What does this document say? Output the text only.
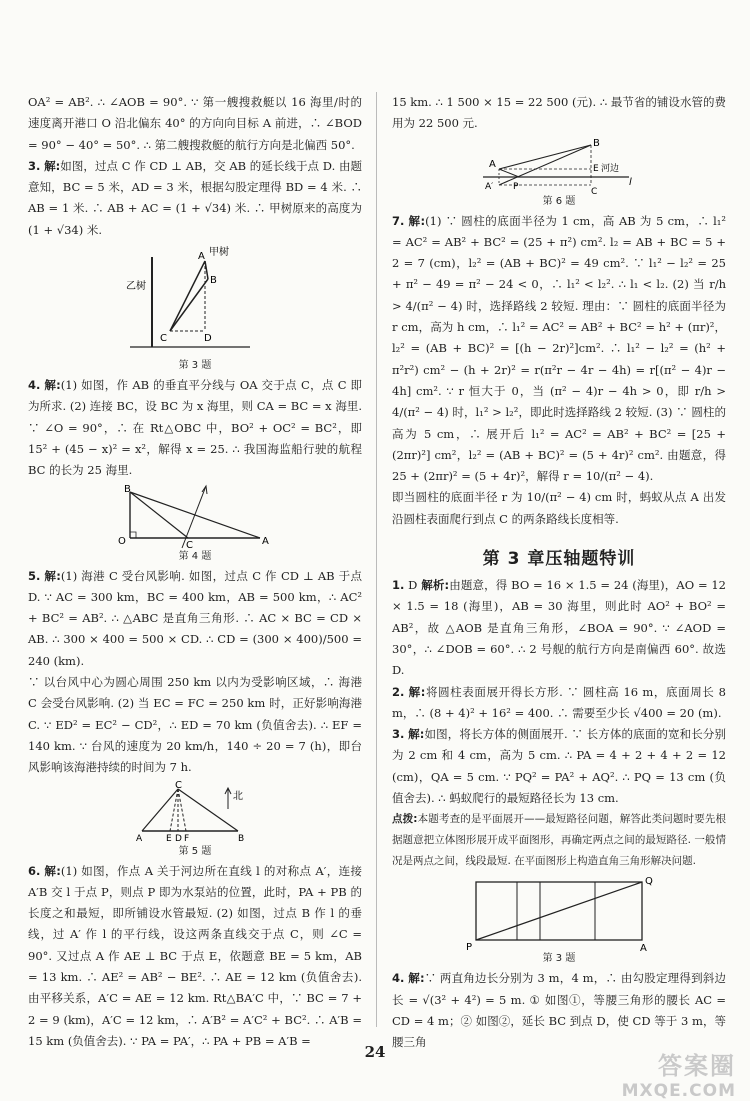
OA² = AB². ∴ ∠AOB = 90°. ∵ 第一艘搜救艇以 16 海里/时的速度离开港口 O 沿北偏东 40° 的方向向目标 A 前进，∴ ∠BOD = 90° − 40° = 50°. ∴ 第二艘搜救艇的航行方向是北偏西 50°.

3. 解:如图，过点 C 作 CD ⊥ AB，交 AB 的延长线于点 D. 由题意知，BC = 5 米，AD = 3 米，根据勾股定理得 BD = 4 米. ∴ AB = 1 米. ∴ AB + AC = (1 + √34) 米. ∴ 甲树原来的高度为 (1 + √34) 米.

A 甲树
B
C	D
乙树
第 3 题

4. 解:(1) 如图，作 AB 的垂直平分线与 OA 交于点 C，点 C 即为所求. (2) 连接 BC，设 BC 为 x 海里，则 CA = BC = x 海里. ∵ ∠O = 90°，∴ 在 Rt△OBC 中，BO² + OC² = BC²，即 15² + (45 − x)² = x²，解得 x = 25. ∴ 我国海监船行驶的航程 BC 的长为 25 海里.

B
O	C	A
第 4 题

5. 解:(1) 海港 C 受台风影响. 如图，过点 C 作 CD ⊥ AB 于点 D. ∵ AC = 300 km，BC = 400 km，AB = 500 km，∴ AC² + BC² = AB². ∴ △ABC 是直角三角形. ∴ AC × BC = CD × AB. ∴ 300 × 400 = 500 × CD. ∴ CD = (300 × 400)/500 = 240 (km).

∵ 以台风中心为圆心周围 250 km 以内为受影响区域，∴ 海港 C 会受台风影响. (2) 当 EC = FC = 250 km 时，正好影响海港 C. ∵ ED² = EC² − CD²，∴ ED = 70 km (负值舍去). ∴ EF = 140 km. ∵ 台风的速度为 20 km/h，140 ÷ 20 = 7 (h)，即台风影响该海港持续的时间为 7 h.

C
北
A	E D F	B
第 5 题

6. 解:(1) 如图，作点 A 关于河边所在直线 l 的对称点 A′，连接 A′B 交 l 于点 P，则点 P 即为水泵站的位置，此时，PA + PB 的长度之和最短，即所铺设水管最短. (2) 如图，过点 B 作 l 的垂线，过 A′ 作 l 的平行线，设这两条直线交于点 C，则 ∠C = 90°. 又过点 A 作 AE ⊥ BC 于点 E，依题意 BE = 5 km，AB = 13 km. ∴ AE² = AB² − BE². ∴ AE = 12 km (负值舍去). 由平移关系，A′C = AE = 12 km. Rt△BA′C 中，∵ BC = 7 + 2 = 9 (km)，A′C = 12 km，∴ A′B² = A′C² + BC². ∴ A′B = 15 km (负值舍去). ∵ PA = PA′，∴ PA + PB = A′B =

15 km. ∴ 1 500 × 15 = 22 500 (元). ∴ 最节省的铺设水管的费用为 22 500 元.

A
B
E 河边
A′ P	C
l
第 6 题

7. 解:(1) ∵ 圆柱的底面半径为 1 cm，高 AB 为 5 cm，∴ l₁² = AC² = AB² + BC² = (25 + π²) cm². l₂ = AB + BC = 5 + 2 = 7 (cm)，l₂² = (AB + BC)² = 49 cm². ∵ l₁² − l₂² = 25 + π² − 49 = π² − 24 < 0，∴ l₁² < l₂². ∴ l₁ < l₂. (2) 当 r/h > 4/(π² − 4) 时，选择路线 2 较短. 理由：∵ 圆柱的底面半径为 r cm，高为 h cm，∴ l₁² = AC² = AB² + BC² = h² + (πr)²，l₂² = (AB + BC)² = [(h − 2r)²]cm². ∴ l₁² − l₂² = (h² + π²r²) cm² − (h + 2r)² = r(π²r − 4r − 4h) = r[(π² − 4)r − 4h] cm². ∵ r 恒大于 0，当 (π² − 4)r − 4h > 0，即 r/h > 4/(π² − 4) 时，l₁² > l₂²，即此时选择路线 2 较短. (3) ∵ 圆柱的高为 5 cm，∴ 展开后 l₁² = AC² = AB² + BC² = [25 + (2πr)²] cm²，l₂² = (AB + BC)² = (5 + 4r)² cm². 由题意，得 25 + (2πr)² = (5 + 4r)²，解得 r = 10/(π² − 4).

即当圆柱的底面半径 r 为 10/(π² − 4) cm 时，蚂蚁从点 A 出发沿圆柱表面爬行到点 C 的两条路线长度相等.

第 3 章压轴题特训

1. D 解析:由题意，得 BO = 16 × 1.5 = 24 (海里)，AO = 12 × 1.5 = 18 (海里)，AB = 30 海里，则此时 AO² + BO² = AB²，故 △AOB 是直角三角形，∠BOA = 90°. ∵ ∠AOD = 30°，∴ ∠DOB = 60°. ∴ 2 号舰的航行方向是南偏西 60°. 故选 D.

2. 解:将圆柱表面展开得长方形. ∵ 圆柱高 16 m，底面周长 8 m，∴ (8 + 4)² + 16² = 400. ∴ 需要至少长 √400 = 20 (m).

3. 解:如图，将长方体的侧面展开. ∵ 长方体的底面的宽和长分别为 2 cm 和 4 cm，高为 5 cm. ∴ PA = 4 + 2 + 4 + 2 = 12 (cm)，QA = 5 cm. ∵ PQ² = PA² + AQ². ∴ PQ = 13 cm (负值舍去). ∴ 蚂蚁爬行的最短路径长为 13 cm.

点拨:本题考查的是平面展开——最短路径问题，解答此类问题时要先根据题意把立体图形展开成平面图形，再确定两点之间的最短路径. 一般情况是两点之间，线段最短. 在平面图形上构造直角三角形解决问题.

Q
P	A
第 3 题

4. 解:∵ 两直角边长分别为 3 m，4 m，∴ 由勾股定理得到斜边长 = √(3² + 4²) = 5 m. ① 如图①，等腰三角形的腰长 AC = CD = 4 m；② 如图②，延长 BC 到点 D，使 CD 等于 3 m，等腰三角

24	答案圈
MXQE.COM
